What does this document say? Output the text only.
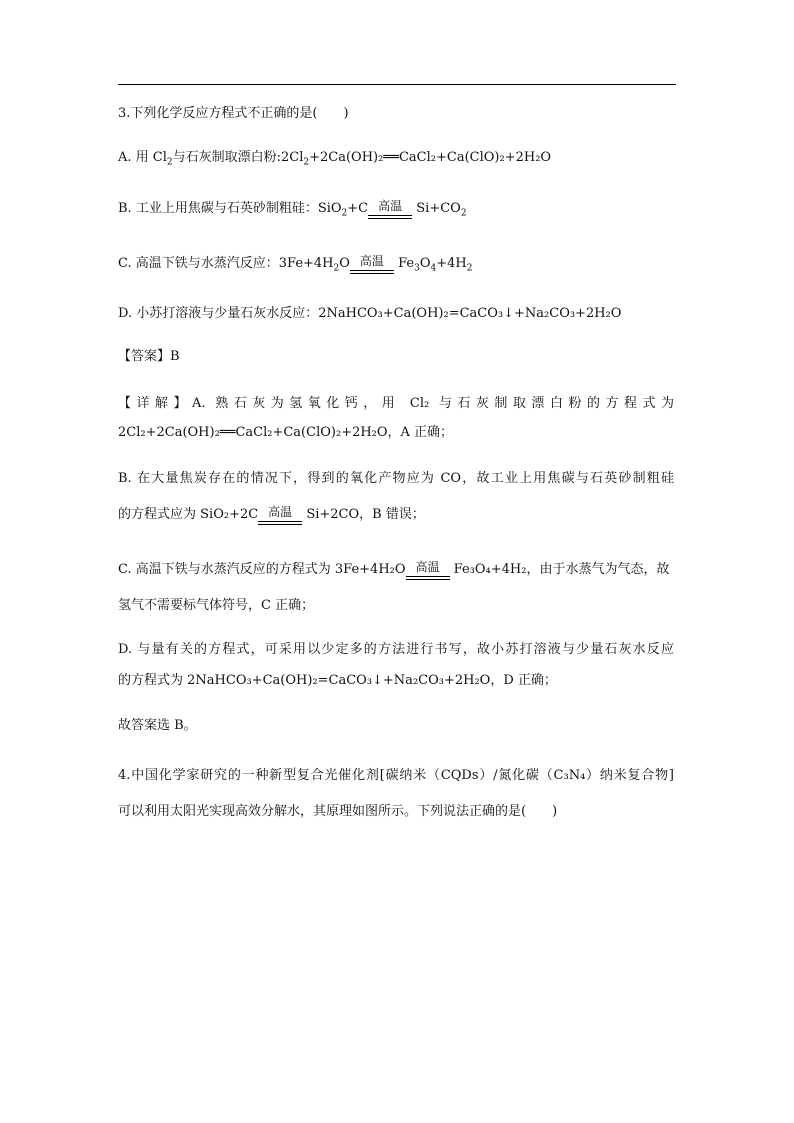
3.下列化学反应方程式不正确的是(　　)
A. 用 $Cl_2$与石灰制取漂白粉$:2Cl_2+2Ca(OH)_2══CaCl_2+Ca(ClO)_2+2H_2O$
B. 工业上用焦碳与石英砂制粗硅：SiO$_2$+C 高温 $Si+CO_2$
C. 高温下铁与水蒸汽反应：$3Fe+4H_2O$ 高温 $Fe_3O_4+4H_2$
D. 小苏打溶液与少量石灰水反应：2NaHCO₃+Ca(OH)₂=CaCO₃↓+Na₂CO₃+2H₂O
【答案】B
【详解】A. 熟石灰为氢氧化钙，用 Cl₂ 与石灰制取漂白粉的方程式为
2Cl₂+2Ca(OH)₂══CaCl₂+Ca(ClO)₂+2H₂O，A 正确；
B. 在大量焦炭存在的情况下，得到的氧化产物应为 CO，故工业上用焦碳与石英砂制粗硅
的方程式应为 SiO₂+2C 高温 Si+2CO，B 错误；
C. 高温下铁与水蒸汽反应的方程式为 3Fe+4H₂O 高温 Fe₃O₄+4H₂，由于水蒸气为气态，故
氢气不需要标气体符号，C 正确；
D. 与量有关的方程式，可采用以少定多的方法进行书写，故小苏打溶液与少量石灰水反应
的方程式为 2NaHCO₃+Ca(OH)₂=CaCO₃↓+Na₂CO₃+2H₂O，D 正确；
故答案选 B。
4.中国化学家研究的一种新型复合光催化剂[碳纳米（CQDs）/氮化碳（C₃N₄）纳米复合物]
可以利用太阳光实现高效分解水，其原理如图所示。下列说法正确的是(　　)
